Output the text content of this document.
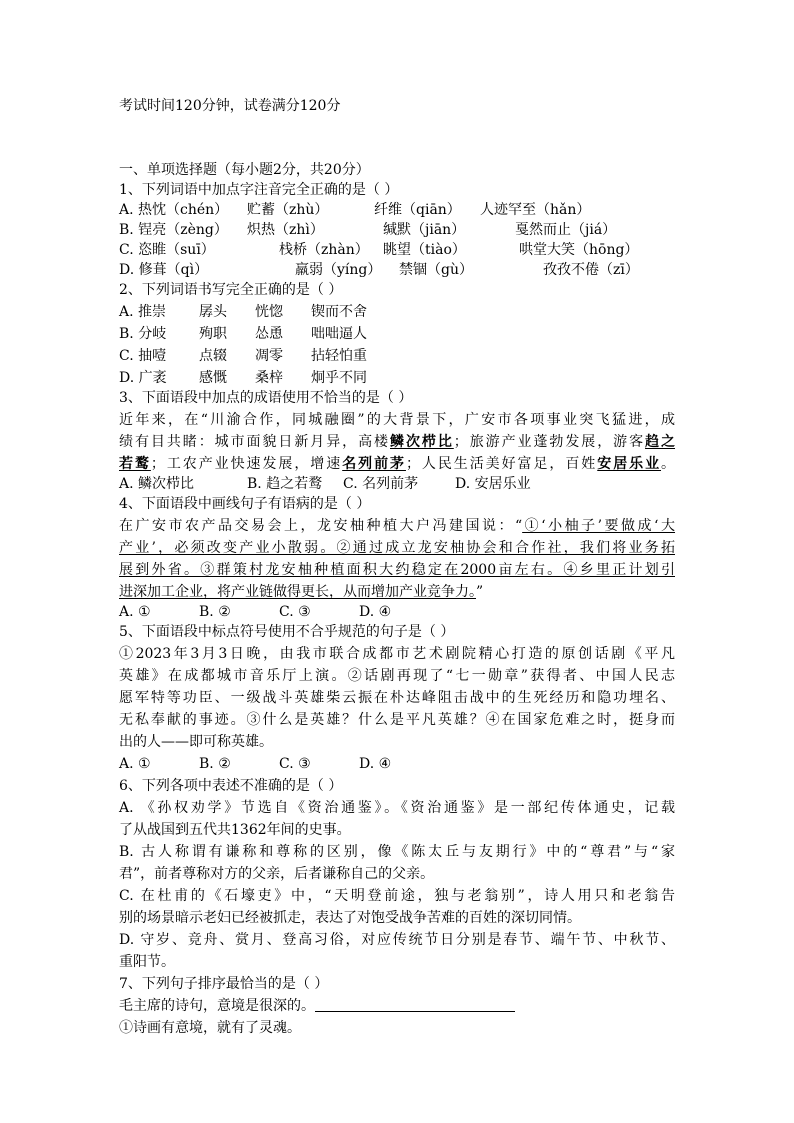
考试时间120分钟，试卷满分120分
一、单项选择题（每小题2分，共20分）
1、下列词语中加点字注音完全正确的是（ ）
A. 热忱（chén） 贮蓄（zhù）	纤维（qiān） 人迹罕至（hǎn）
B. 锃亮（zèng） 炽热（zhì）	缄默（jiān）	戛然而止（jiá）
C. 恣睢（suī）	栈桥（zhàn） 眺望（tiào）	哄堂大笑（hōng）
D. 修葺（qì）	羸弱（yíng） 禁锢（gù）	孜孜不倦（zī）
2、下列词语书写完全正确的是（ ）
A. 推崇 孱头 恍惚 锲而不舍
B. 分岐 殉职 怂恿 咄咄逼人
C. 抽噎 点辍 凋零 拈轻怕重
D. 广袤 感慨 桑梓 炯乎不同
3、下面语段中加点的成语使用不恰当的是（ ）
近年来，在“川渝合作，同城融圈”的大背景下，广安市各项事业突飞猛进，成
绩有目共睹：城市面貌日新月异，高楼鳞次栉比；旅游产业蓬勃发展，游客趋之
若鹜；工农产业快速发展，增速名列前茅；人民生活美好富足，百姓安居乐业。
A. 鳞次栉比	B. 趋之若鹜 C. 名列前茅	D. 安居乐业
4、下面语段中画线句子有语病的是（ ）
在广安市农产品交易会上，龙安柚种植大户冯建国说：“①‘小柚子’要做成‘大
产业’，必须改变产业小散弱。②通过成立龙安柚协会和合作社，我们将业务拓
展到外省。③群策村龙安柚种植面积大约稳定在2000亩左右。④乡里正计划引
进深加工企业，将产业链做得更长，从而增加产业竞争力。”
A. ①	B. ②	C. ③	D. ④
5、下面语段中标点符号使用不合乎规范的句子是（ ）
①2023年3月3日晚，由我市联合成都市艺术剧院精心打造的原创话剧《平凡
英雄》在成都城市音乐厅上演。②话剧再现了“七一勋章”获得者、中国人民志
愿军特等功臣、一级战斗英雄柴云振在朴达峰阻击战中的生死经历和隐功埋名、
无私奉献的事迹。③什么是英雄？什么是平凡英雄？④在国家危难之时，挺身而
出的人——即可称英雄。
A. ①	B. ②	C. ③	D. ④
6、下列各项中表述不准确的是（ ）
A. 《孙权劝学》节选自《资治通鉴》。《资治通鉴》是一部纪传体通史，记载
了从战国到五代共1362年间的史事。
B. 古人称谓有谦称和尊称的区别，像《陈太丘与友期行》中的“尊君”与“家
君”，前者尊称对方的父亲，后者谦称自己的父亲。
C. 在杜甫的《石壕吏》中，“天明登前途，独与老翁别”，诗人用只和老翁告
别的场景暗示老妇已经被抓走，表达了对饱受战争苦难的百姓的深切同情。
D. 守岁、竞舟、赏月、登高习俗，对应传统节日分别是春节、端午节、中秋节、
重阳节。
7、下列句子排序最恰当的是（ ）
毛主席的诗句，意境是很深的。
①诗画有意境，就有了灵魂。
